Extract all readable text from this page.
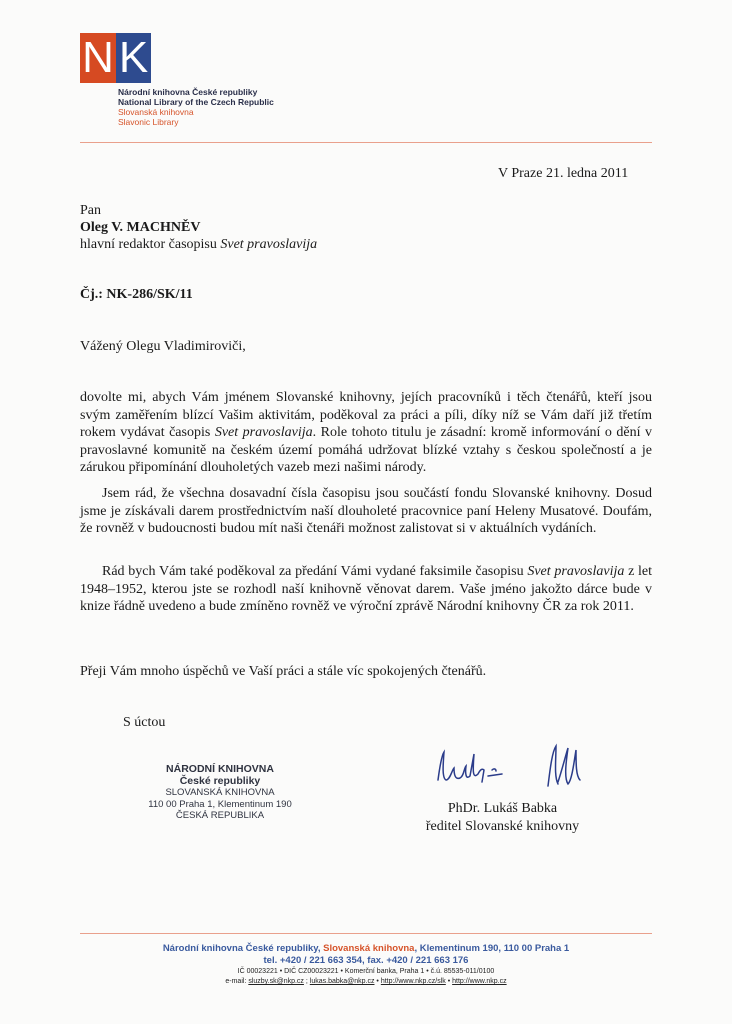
N K
Národní knihovna České republiky
National Library of the Czech Republic
Slovanská knihovna
Slavonic Library
V Praze 21. ledna 2011
Pan
Oleg V. MACHNĚV
hlavní redaktor časopisu Svet pravoslavija
Čj.: NK-286/SK/11
Vážený Olegu Vladimiroviči,
dovolte mi, abych Vám jménem Slovanské knihovny, jejích pracovníků i těch čtenářů, kteří jsou svým zaměřením blízcí Vašim aktivitám, poděkoval za práci a píli, díky níž se Vám daří již třetím rokem vydávat časopis Svet pravoslavija. Role tohoto titulu je zásadní: kromě informování o dění v pravoslavné komunitě na českém území pomáhá udržovat blízké vztahy s českou společností a je zárukou připomínání dlouholetých vazeb mezi našimi národy.
Jsem rád, že všechna dosavadní čísla časopisu jsou součástí fondu Slovanské knihovny. Dosud jsme je získávali darem prostřednictvím naší dlouholeté pracovnice paní Heleny Musatové. Doufám, že rovněž v budoucnosti budou mít naši čtenáři možnost zalistovat si v aktuálních vydáních.
Rád bych Vám také poděkoval za předání Vámi vydané faksimile časopisu Svet pravoslavija z let 1948–1952, kterou jste se rozhodl naší knihovně věnovat darem. Vaše jméno jakožto dárce bude v knize řádně uvedeno a bude zmíněno rovněž ve výroční zprávě Národní knihovny ČR za rok 2011.
Přeji Vám mnoho úspěchů ve Vaší práci a stále víc spokojených čtenářů.
S úctou
NÁRODNÍ KNIHOVNA
České republiky
SLOVANSKÁ KNIHOVNA
110 00 Praha 1, Klementinum 190
ČESKÁ REPUBLIKA	PhDr. Lukáš Babka
ředitel Slovanské knihovny
Národní knihovna České republiky, Slovanská knihovna, Klementinum 190, 110 00 Praha 1
tel. +420 / 221 663 354, fax. +420 / 221 663 176
IČ 00023221 • DIČ CZ00023221 • Komerční banka, Praha 1 • č.ú. 85535-011/0100
e-mail: sluzby.sk@nkp.cz ; lukas.babka@nkp.cz • http://www.nkp.cz/slk • http://www.nkp.cz
